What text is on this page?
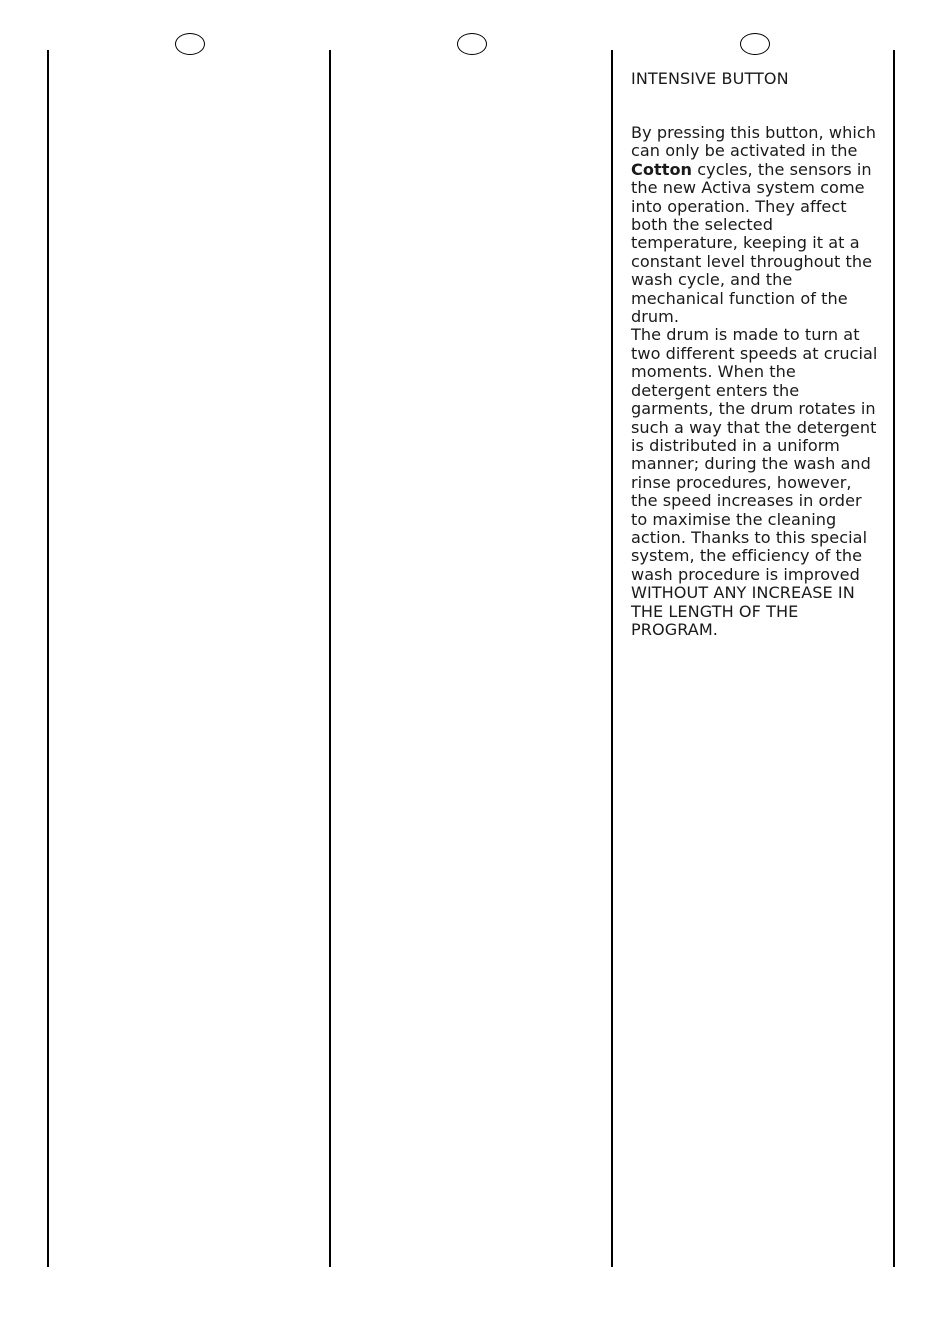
INTENSIVE BUTTON

By pressing this button, which can only be activated in the Cotton cycles, the sensors in the new Activa system come into operation. They affect both the selected temperature, keeping it at a constant level throughout the wash cycle, and the mechanical function of the drum.

The drum is made to turn at two different speeds at crucial moments. When the detergent enters the garments, the drum rotates in such a way that the detergent is distributed in a uniform manner; during the wash and rinse procedures, however, the speed increases in order to maximise the cleaning action. Thanks to this special system, the efficiency of the wash procedure is improved WITHOUT ANY INCREASE IN THE LENGTH OF THE PROGRAM.
